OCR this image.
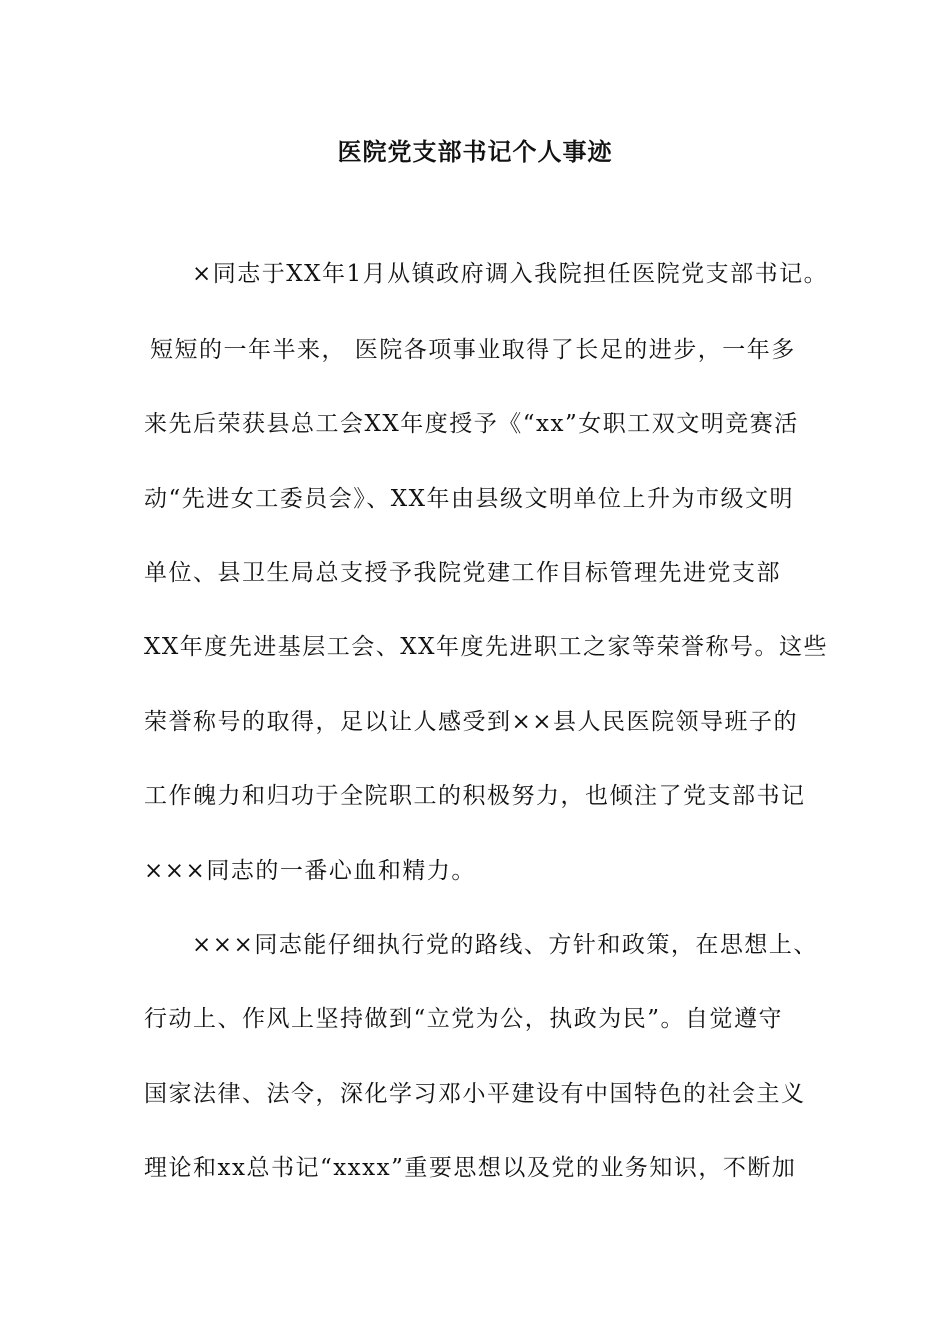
医院党支部书记个人事迹
×同志于XX年1月从镇政府调入我院担任医院党支部书记。
短短的一年半来， 医院各项事业取得了长足的进步，一年多
来先后荣获县总工会XX年度授予《“xx”女职工双文明竞赛活
动“先进女工委员会》、XX年由县级文明单位上升为市级文明
单位、县卫生局总支授予我院党建工作目标管理先进党支部
XX年度先进基层工会、XX年度先进职工之家等荣誉称号。这些
荣誉称号的取得，足以让人感受到××县人民医院领导班子的
工作魄力和归功于全院职工的积极努力，也倾注了党支部书记
×××同志的一番心血和精力。
×××同志能仔细执行党的路线、方针和政策，在思想上、
行动上、作风上坚持做到“立党为公，执政为民”。自觉遵守
国家法律、法令，深化学习邓小平建设有中国特色的社会主义
理论和xx总书记“xxxx”重要思想以及党的业务知识，不断加
